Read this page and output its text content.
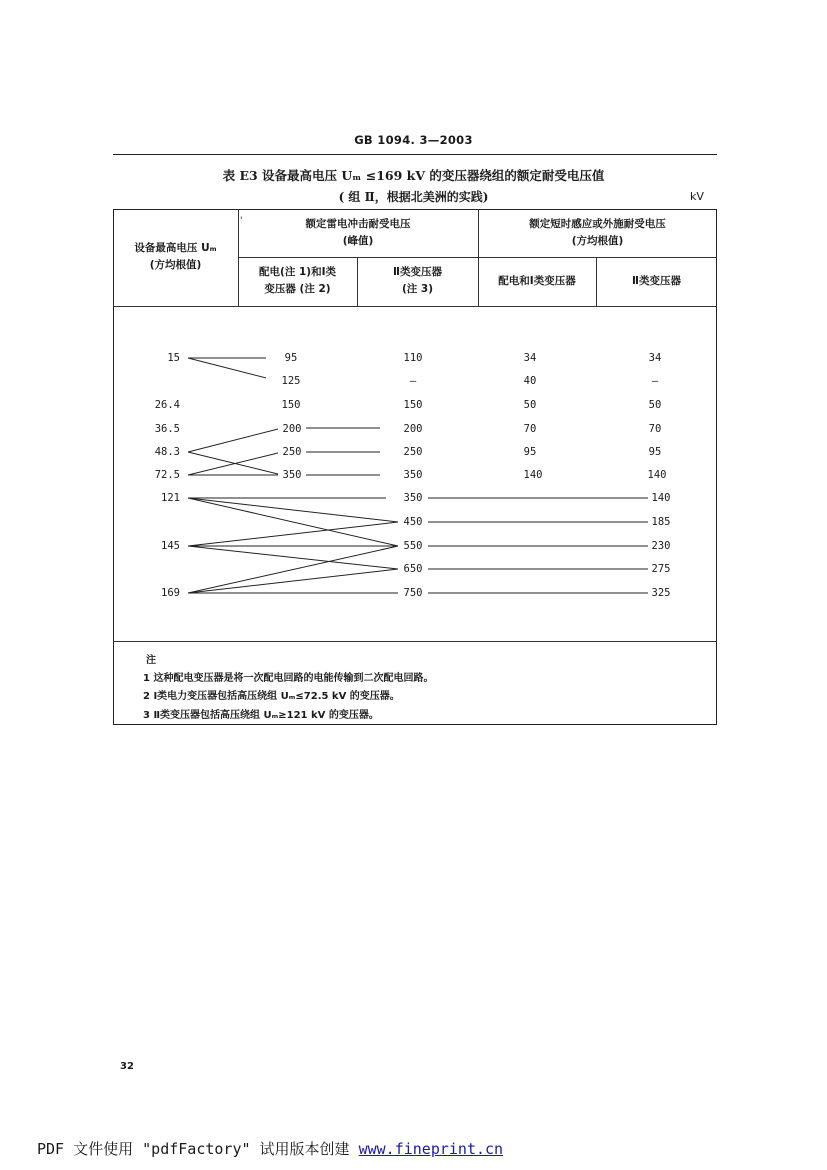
GB 1094. 3—2003
表 E3 设备最高电压 Uₘ ≤169 kV 的变压器绕组的额定耐受电压值
( 组 Ⅱ，根据北美洲的实践)	kV
'
设备最高电压 Uₘ
(方均根值)
额定雷电冲击耐受电压
(峰值)
额定短时感应或外施耐受电压
(方均根值)
配电(注 1)和Ⅰ类
变压器 (注 2)
Ⅱ类变压器
(注 3)
配电和Ⅰ类变压器	Ⅱ类变压器
15
26.4
36.5
48.3
72.5
121
145
169
95
125
150
200
250
350
110
—
150
200
250
350
350
450
550
650
750
34
40
50
70
95
140
34
—
50
70
95
140
140
185
230
275
325
注
1 这种配电变压器是将一次配电回路的电能传输到二次配电回路。
2 Ⅰ类电力变压器包括高压绕组 Uₘ≤72.5 kV 的变压器。
3 Ⅱ类变压器包括高压绕组 Uₘ≥121 kV 的变压器。
32
PDF 文件使用 "pdfFactory" 试用版本创建 www.fineprint.cn
